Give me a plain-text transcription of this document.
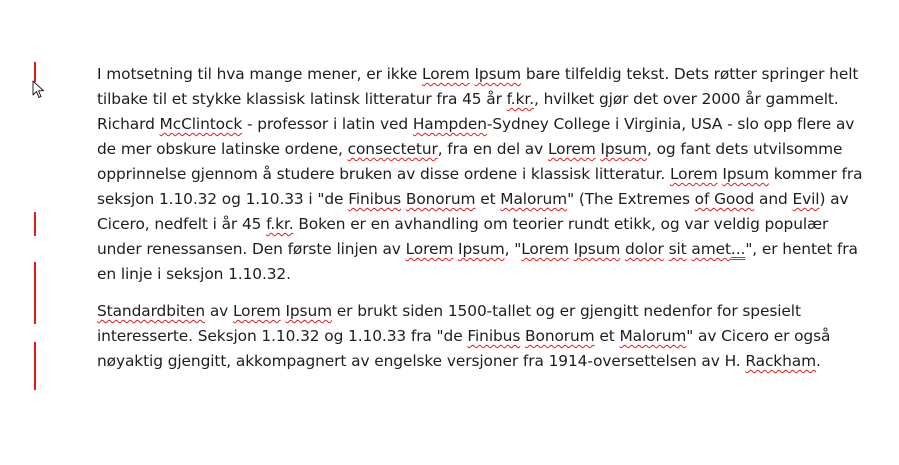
I motsetning til hva mange mener, er ikke Lorem Ipsum bare tilfeldig tekst. Dets røtter springer helt
tilbake til et stykke klassisk latinsk litteratur fra 45 år f.kr., hvilket gjør det over 2000 år gammelt.
Richard McClintock - professor i latin ved Hampden-Sydney College i Virginia, USA - slo opp flere av
de mer obskure latinske ordene, consectetur, fra en del av Lorem Ipsum, og fant dets utvilsomme
opprinnelse gjennom å studere bruken av disse ordene i klassisk litteratur. Lorem Ipsum kommer fra
seksjon 1.10.32 og 1.10.33 i "de Finibus Bonorum et Malorum" (The Extremes of Good and Evil) av
Cicero, nedfelt i år 45 f.kr. Boken er en avhandling om teorier rundt etikk, og var veldig populær
under renessansen. Den første linjen av Lorem Ipsum, "Lorem Ipsum dolor sit amet...", er hentet fra
en linje i seksjon 1.10.32.
Standardbiten av Lorem Ipsum er brukt siden 1500-tallet og er gjengitt nedenfor for spesielt
interesserte. Seksjon 1.10.32 og 1.10.33 fra "de Finibus Bonorum et Malorum" av Cicero er også
nøyaktig gjengitt, akkompagnert av engelske versjoner fra 1914-oversettelsen av H. Rackham.
